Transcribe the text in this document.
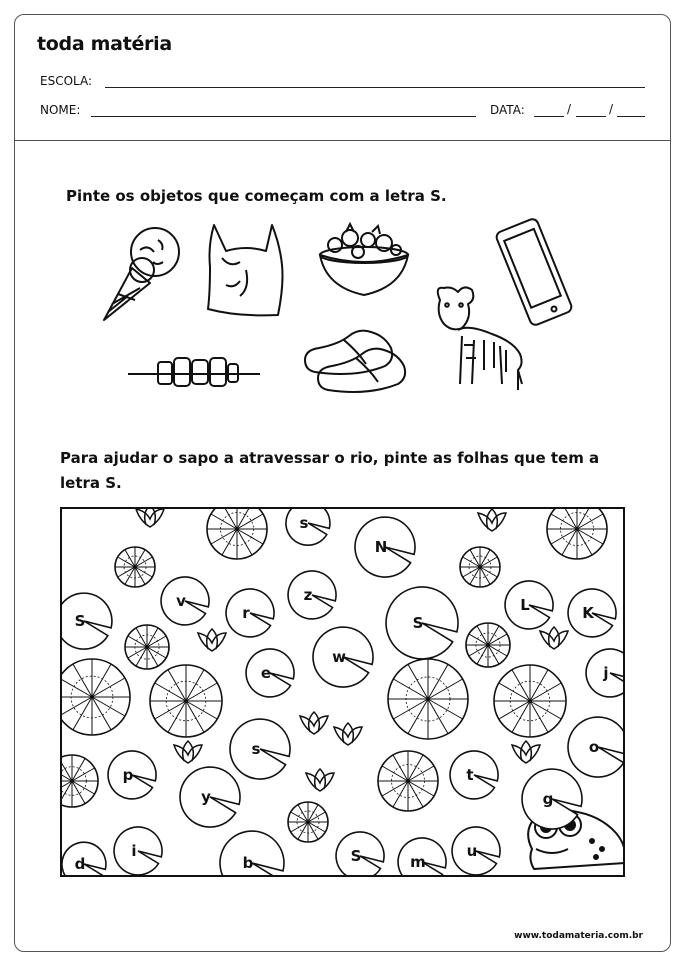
toda matéria
ESCOLA:
NOME:	DATA:	/	/
Pinte os objetos que começam com a letra S.
Para ajudar o sapo a atravessar o rio, pinte as folhas que tem a
letra S.
s
N
v
r
z
S
L	K
S
e
w
j
s
p	t
o
y	g
i
d	b	S	m
u
www.todamateria.com.br
